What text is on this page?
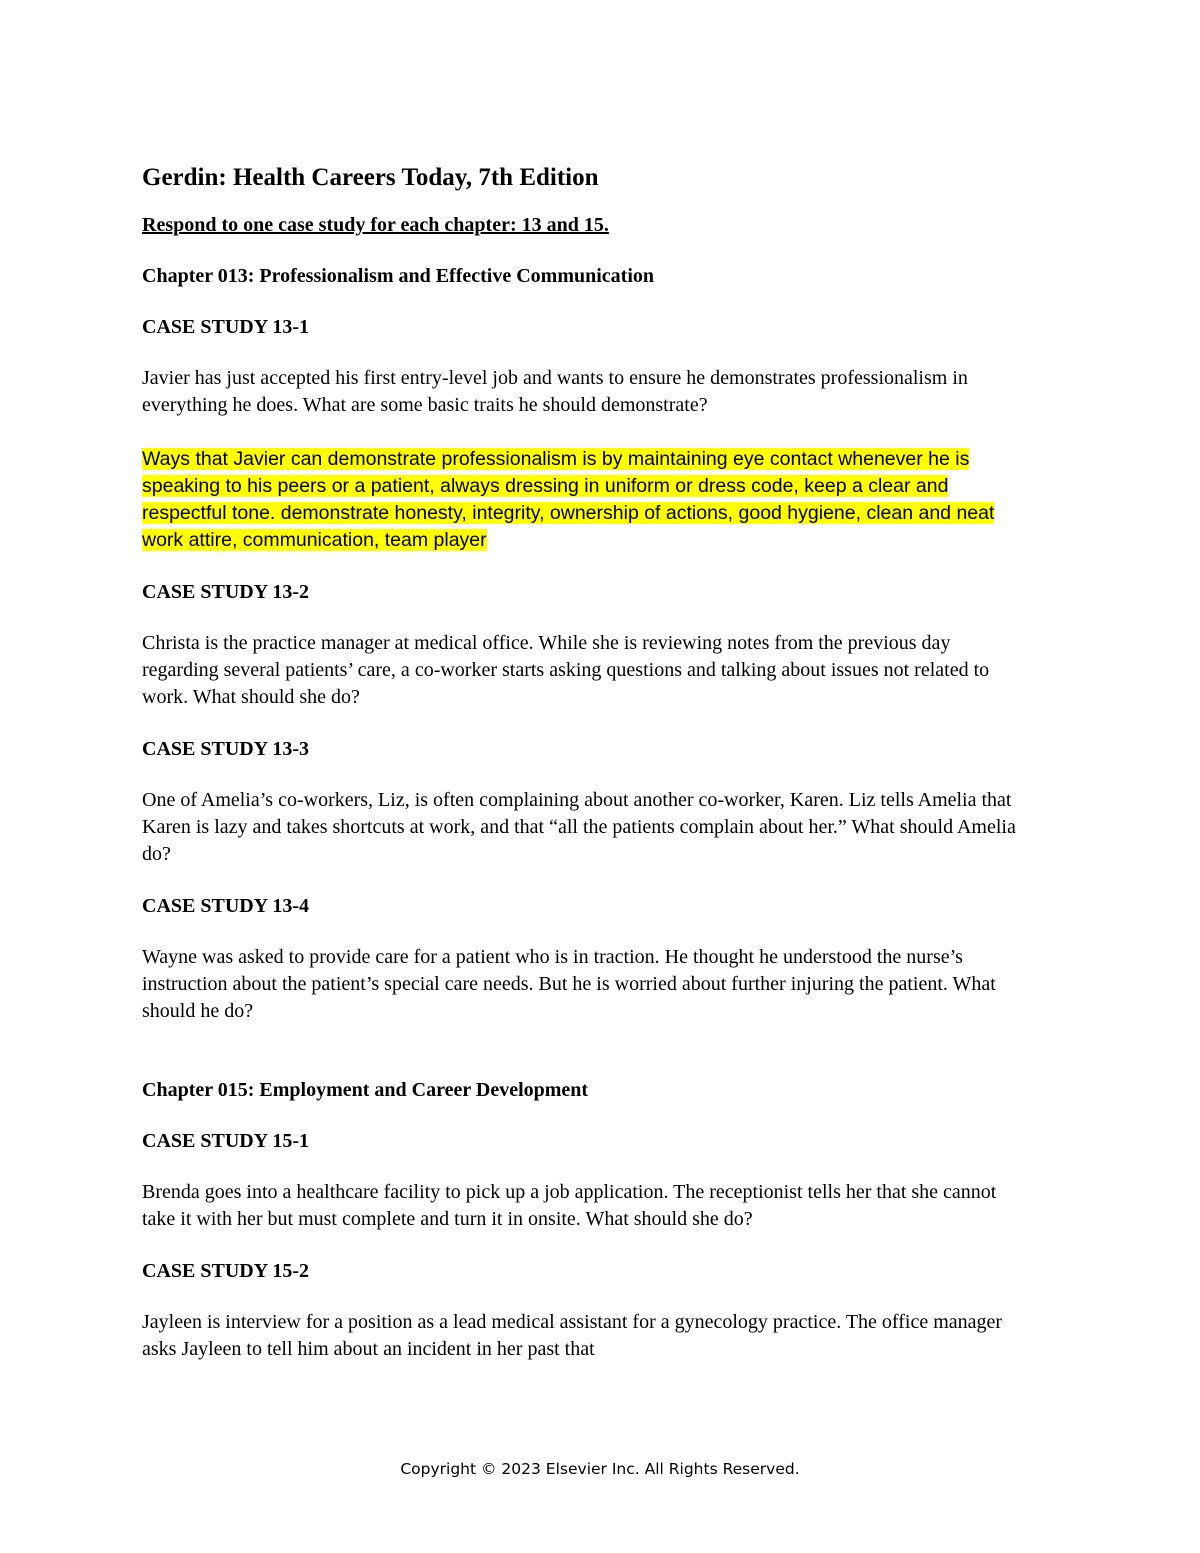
Gerdin: Health Careers Today, 7th Edition

Respond to one case study for each chapter: 13 and 15.

Chapter 013: Professionalism and Effective Communication
CASE STUDY 13-1

Javier has just accepted his first entry-level job and wants to ensure he demonstrates professionalism in everything he does. What are some basic traits he should demonstrate?

Ways that Javier can demonstrate professionalism is by maintaining eye contact whenever he is speaking to his peers or a patient, always dressing in uniform or dress code, keep a clear and respectful tone. demonstrate honesty, integrity, ownership of actions, good hygiene, clean and neat work attire, communication, team player

CASE STUDY 13-2

Christa is the practice manager at medical office. While she is reviewing notes from the previous day regarding several patients’ care, a co-worker starts asking questions and talking about issues not related to work. What should she do?

CASE STUDY 13-3

One of Amelia’s co-workers, Liz, is often complaining about another co-worker, Karen. Liz tells Amelia that Karen is lazy and takes shortcuts at work, and that “all the patients complain about her.” What should Amelia do?

CASE STUDY 13-4

Wayne was asked to provide care for a patient who is in traction. He thought he understood the nurse’s instruction about the patient’s special care needs. But he is worried about further injuring the patient. What should he do?

Chapter 015: Employment and Career Development
CASE STUDY 15-1

Brenda goes into a healthcare facility to pick up a job application. The receptionist tells her that she cannot take it with her but must complete and turn it in onsite. What should she do?

CASE STUDY 15-2

Jayleen is interview for a position as a lead medical assistant for a gynecology practice. The office manager asks Jayleen to tell him about an incident in her past that

Copyright © 2023 Elsevier Inc. All Rights Reserved.
